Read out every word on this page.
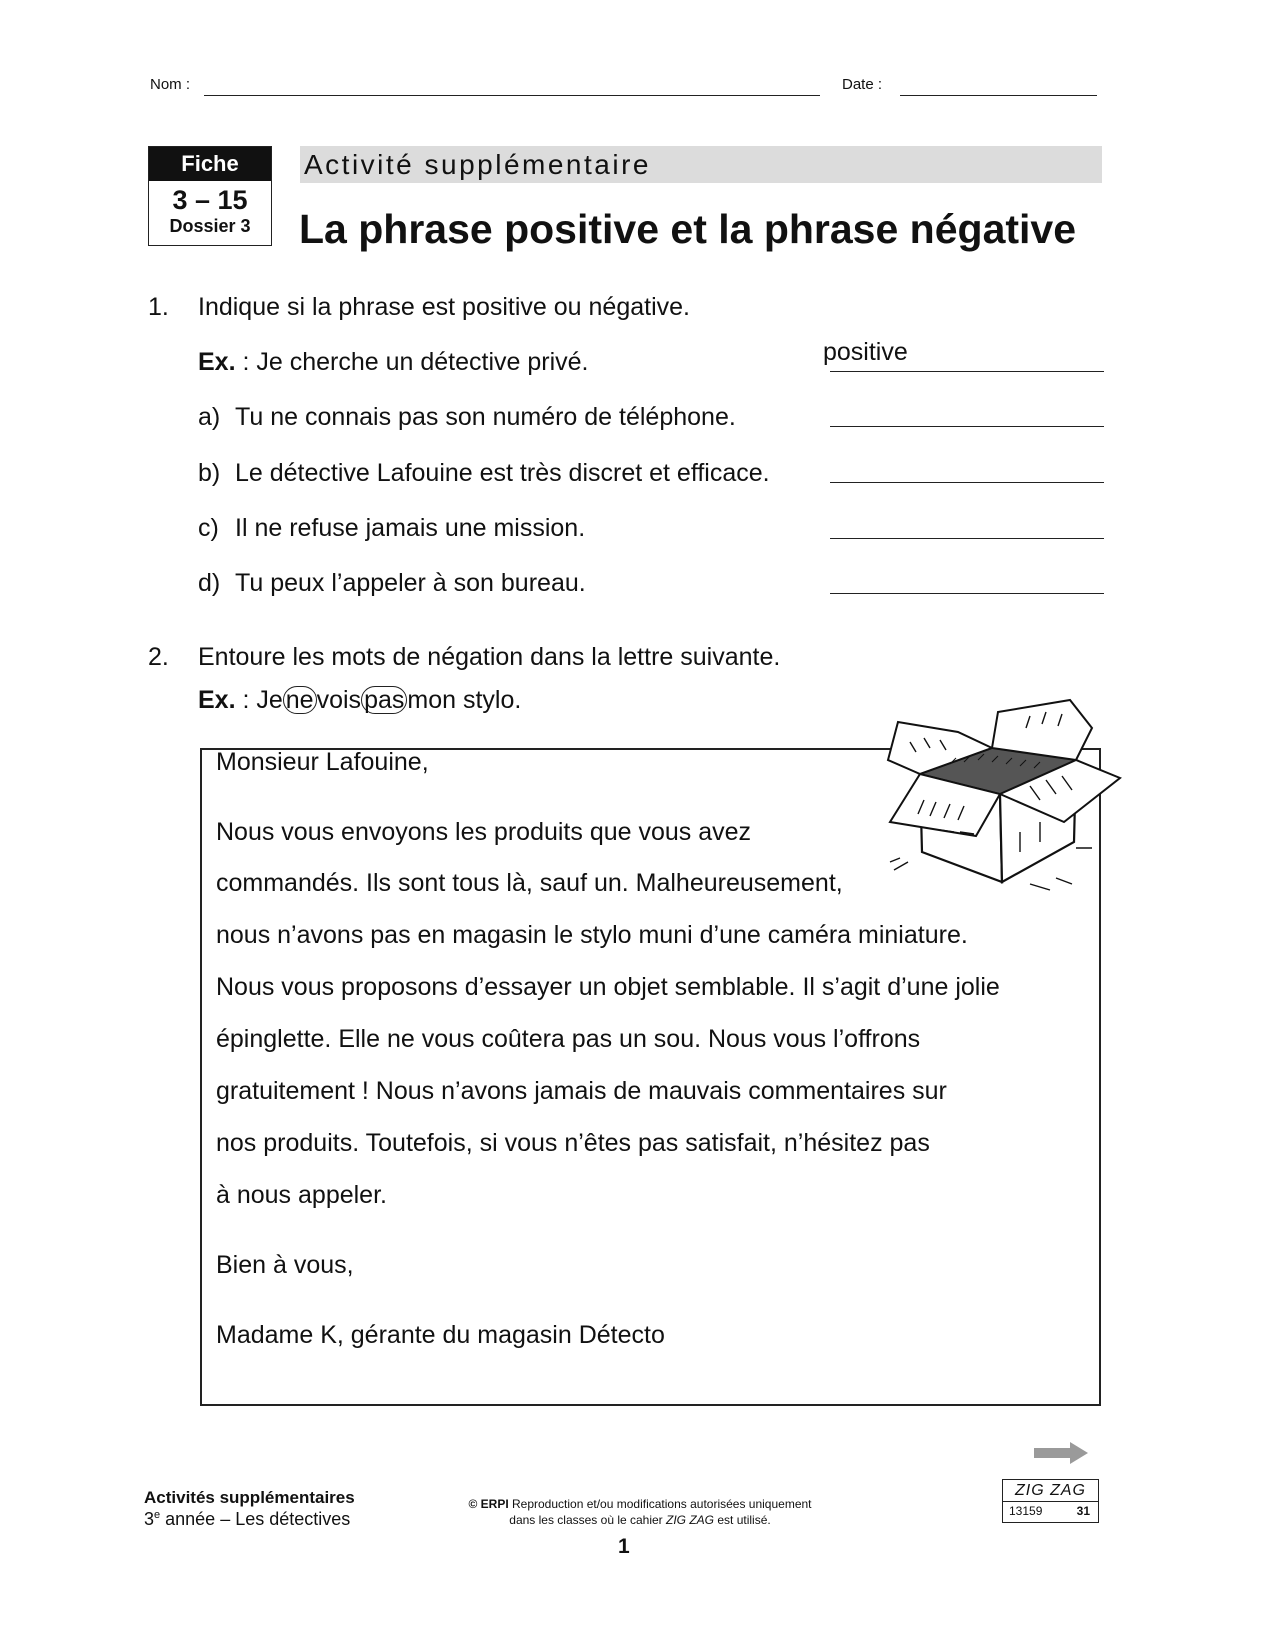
Nom :	Date :
Fiche
3 – 15
Dossier 3
Activité supplémentaire
La phrase positive et la phrase négative
1. Indique si la phrase est positive ou négative.
Ex. : Je cherche un détective privé.	positive
a) Tu ne connais pas son numéro de téléphone.
b) Le détective Lafouine est très discret et efficace.
c) Il ne refuse jamais une mission.
d) Tu peux l’appeler à son bureau.
2. Entoure les mots de négation dans la lettre suivante.
Ex. : Je ne vois pas mon stylo.
Monsieur Lafouine,
Nous vous envoyons les produits que vous avez
commandés. Ils sont tous là, sauf un. Malheureusement,
nous n’avons pas en magasin le stylo muni d’une caméra miniature.
Nous vous proposons d’essayer un objet semblable. Il s’agit d’une jolie
épinglette. Elle ne vous coûtera pas un sou. Nous vous l’offrons
gratuitement ! Nous n’avons jamais de mauvais commentaires sur
nos produits. Toutefois, si vous n’êtes pas satisfait, n’hésitez pas
à nous appeler.
Bien à vous,
Madame K, gérante du magasin Détecto
Activités supplémentaires
3e année – Les détectives
© ERPI Reproduction et/ou modifications autorisées uniquement
dans les classes où le cahier ZIG ZAG est utilisé.
1
ZIG ZAG
13159	31
